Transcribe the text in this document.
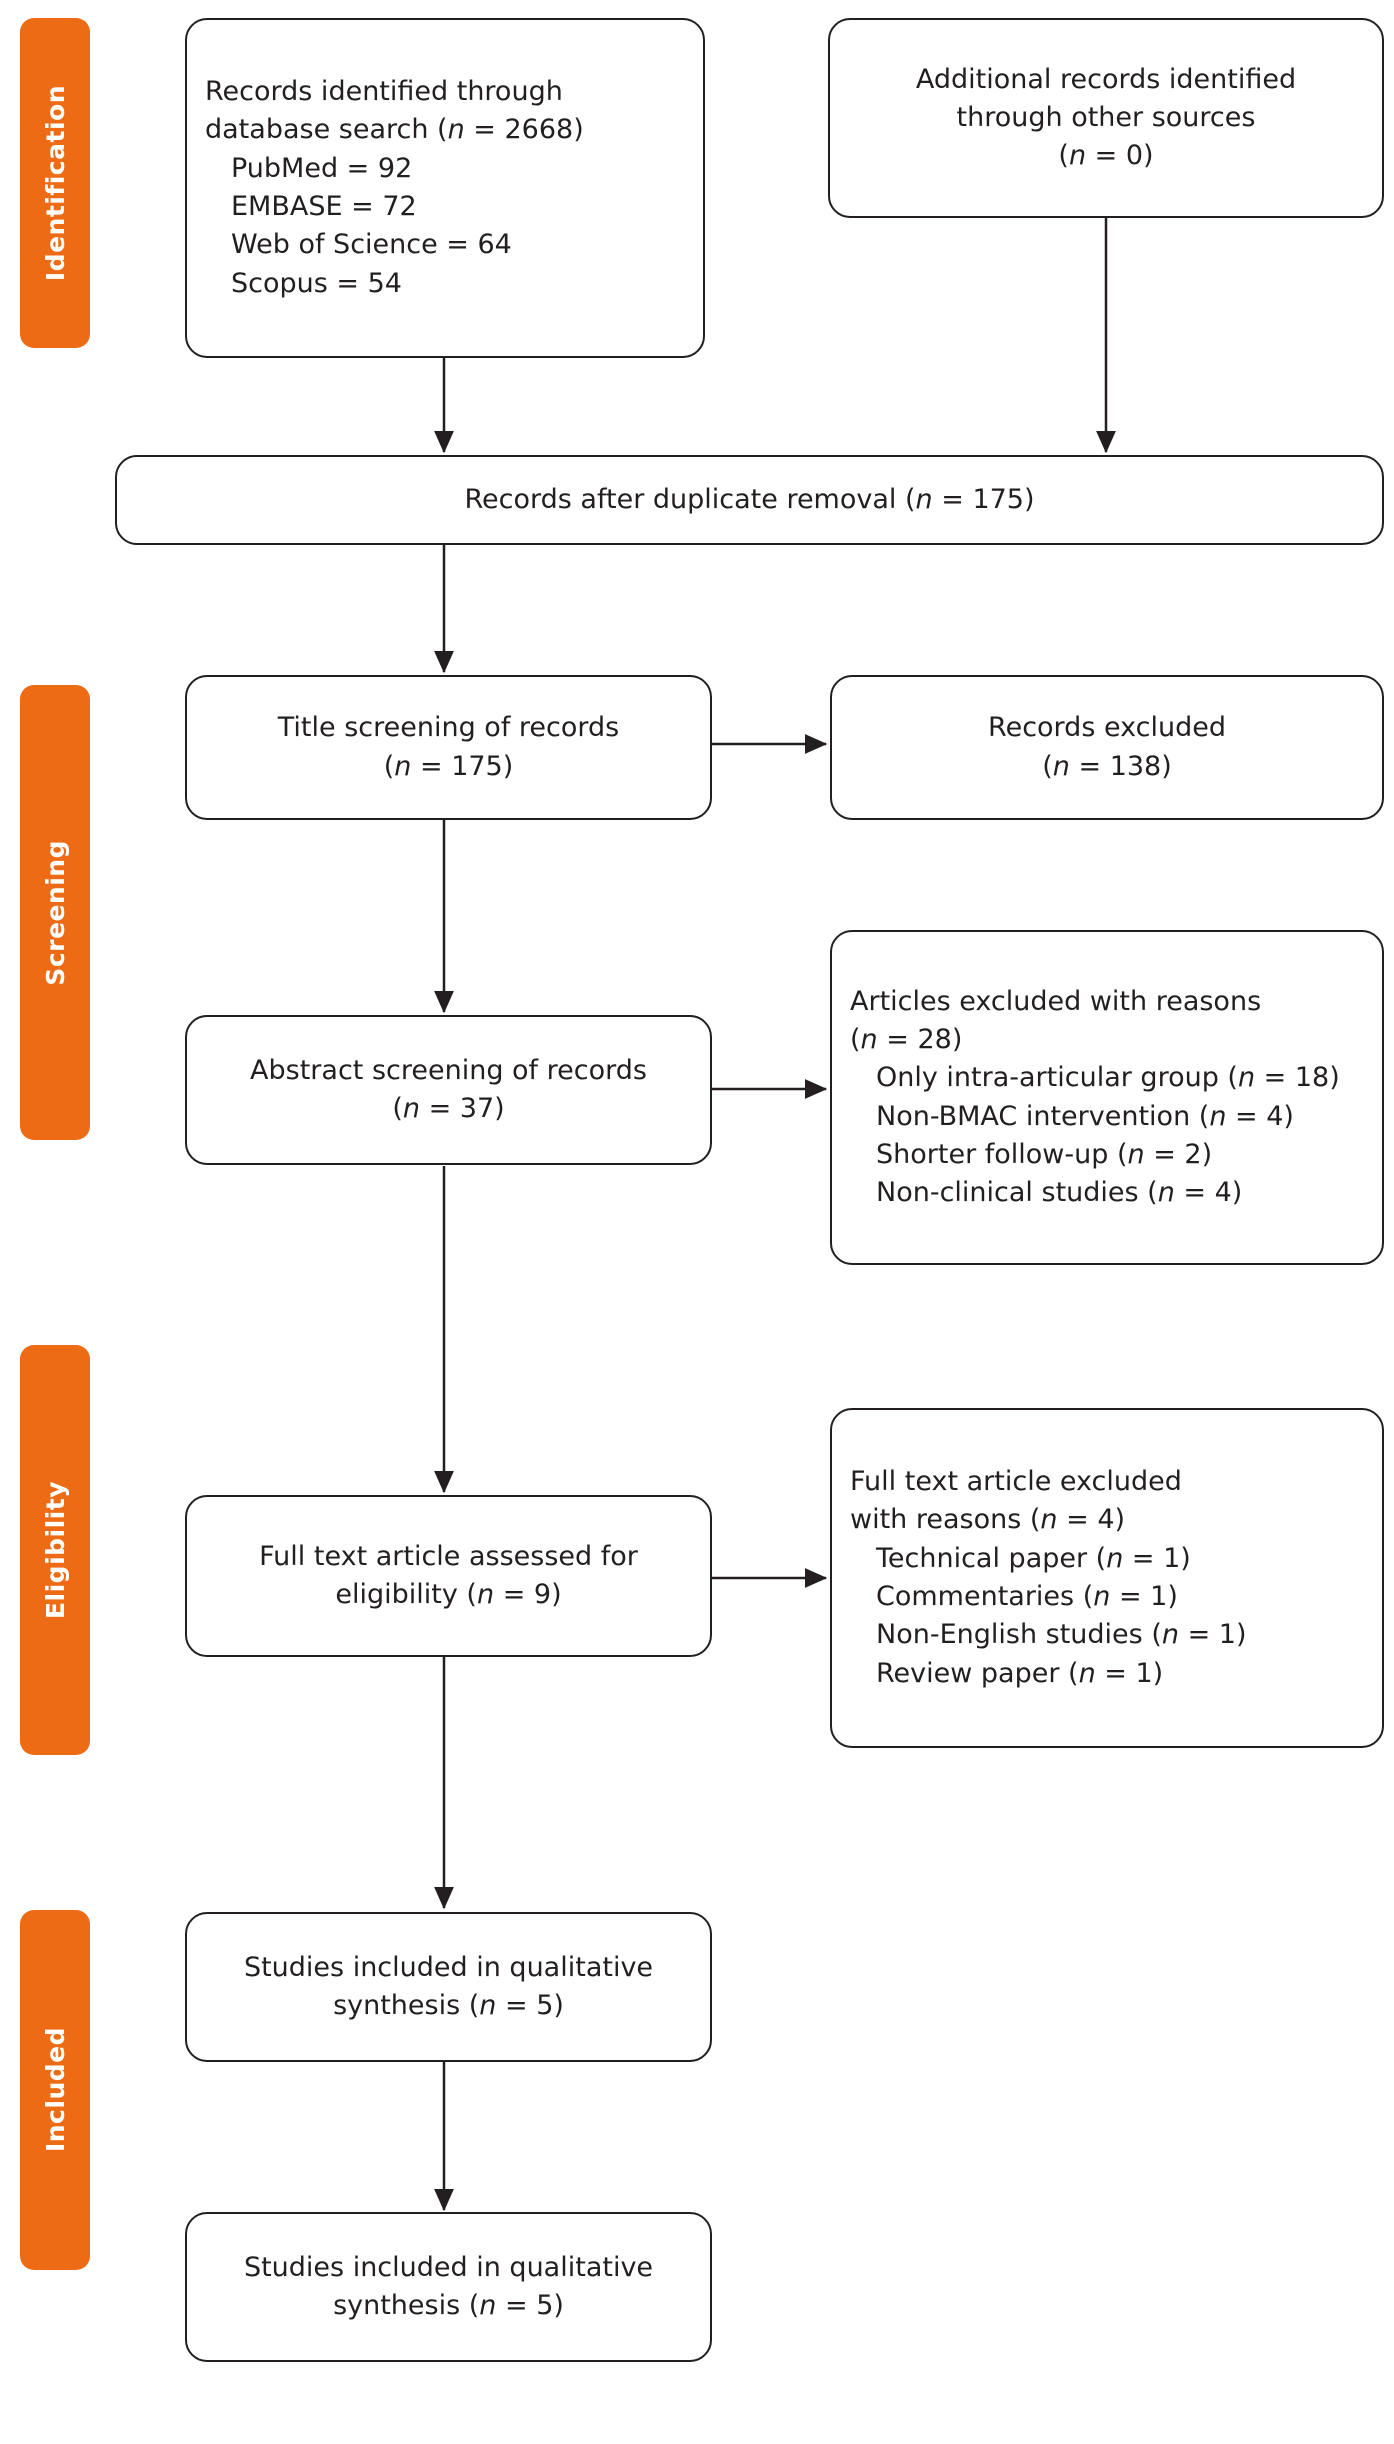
Identification
Screening
Eligibility
Included
Records identified through
database search (n = 2668)
PubMed = 92
EMBASE = 72
Web of Science = 64
Scopus = 54
Additional records identified
through other sources
(n = 0)
Records after duplicate removal (n = 175)
Title screening of records
(n = 175)
Records excluded
(n = 138)
Abstract screening of records
(n = 37)
Articles excluded with reasons
(n = 28)
Only intra-articular group (n = 18)
Non-BMAC intervention (n = 4)
Shorter follow-up (n = 2)
Non-clinical studies (n = 4)
Full text article assessed for
eligibility (n = 9)
Full text article excluded
with reasons (n = 4)
Technical paper (n = 1)
Commentaries (n = 1)
Non-English studies (n = 1)
Review paper (n = 1)
Studies included in qualitative
synthesis (n = 5)
Studies included in qualitative
synthesis (n = 5)
